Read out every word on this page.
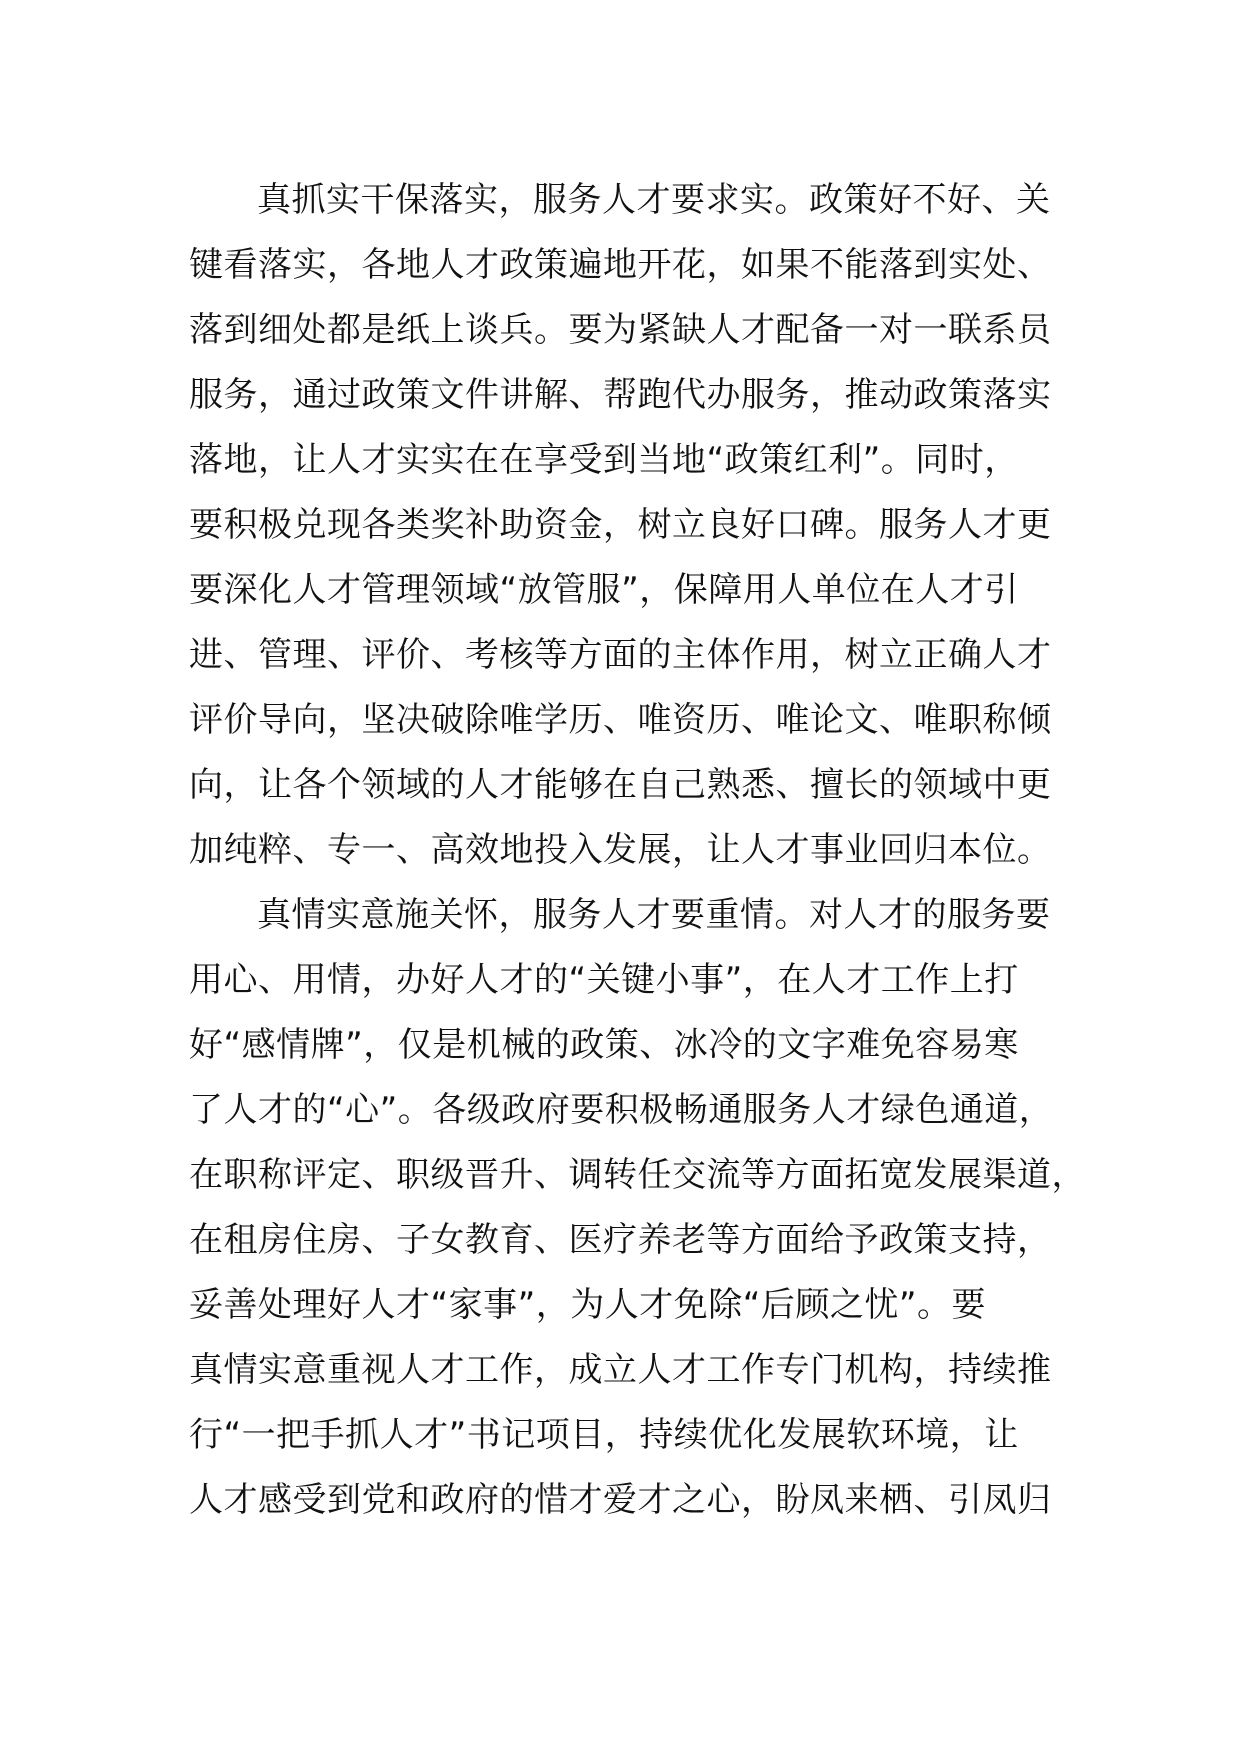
真抓实干保落实，服务人才要求实。政策好不好、关
键看落实，各地人才政策遍地开花，如果不能落到实处、
落到细处都是纸上谈兵。要为紧缺人才配备一对一联系员
服务，通过政策文件讲解、帮跑代办服务，推动政策落实
落地，让人才实实在在享受到当地“政策红利”。同时，
要积极兑现各类奖补助资金，树立良好口碑。服务人才更
要深化人才管理领域“放管服”，保障用人单位在人才引
进、管理、评价、考核等方面的主体作用，树立正确人才
评价导向，坚决破除唯学历、唯资历、唯论文、唯职称倾
向，让各个领域的人才能够在自己熟悉、擅长的领域中更
加纯粹、专一、高效地投入发展，让人才事业回归本位。
真情实意施关怀，服务人才要重情。对人才的服务要
用心、用情，办好人才的“关键小事”，在人才工作上打
好“感情牌”，仅是机械的政策、冰冷的文字难免容易寒
了人才的“心”。各级政府要积极畅通服务人才绿色通道，
在职称评定、职级晋升、调转任交流等方面拓宽发展渠道，
在租房住房、子女教育、医疗养老等方面给予政策支持，
妥善处理好人才“家事”，为人才免除“后顾之忧”。要
真情实意重视人才工作，成立人才工作专门机构，持续推
行“一把手抓人才”书记项目，持续优化发展软环境，让
人才感受到党和政府的惜才爱才之心，盼凤来栖、引凤归
